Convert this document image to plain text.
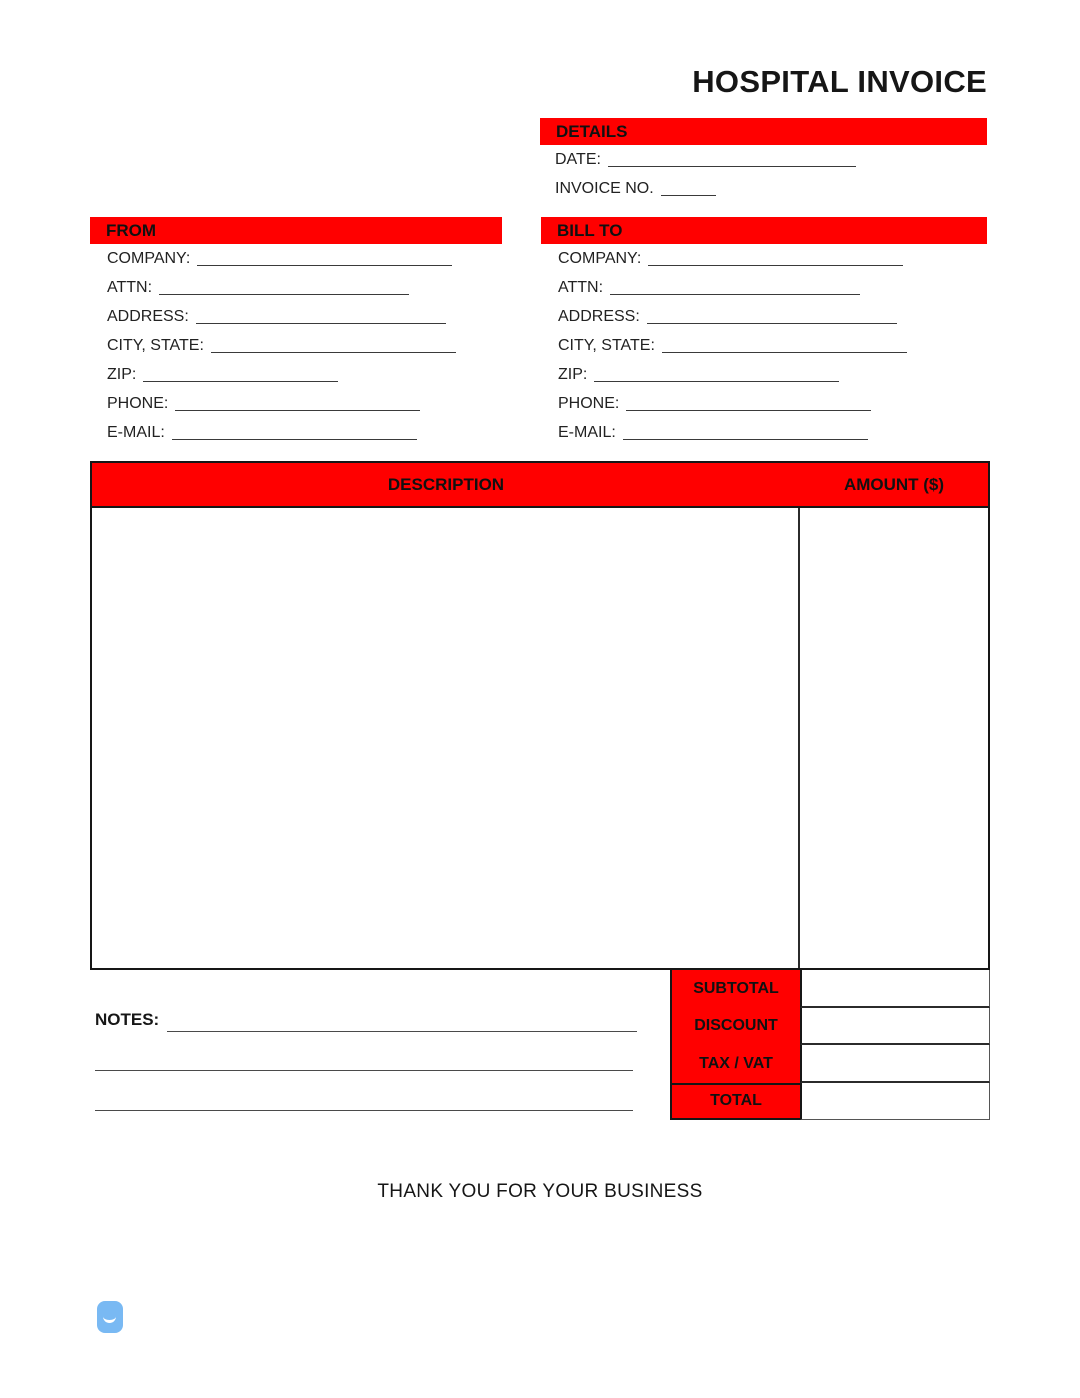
HOSPITAL INVOICE
DETAILS
DATE:
INVOICE NO.
FROM
COMPANY:
ATTN:
ADDRESS:
CITY, STATE:
ZIP:
PHONE:
E-MAIL:
BILL TO
COMPANY:
ATTN:
ADDRESS:
CITY, STATE:
ZIP:
PHONE:
E-MAIL:
DESCRIPTION	AMOUNT ($)
SUBTOTAL
DISCOUNT
TAX / VAT
TOTAL
NOTES:
THANK YOU FOR YOUR BUSINESS
